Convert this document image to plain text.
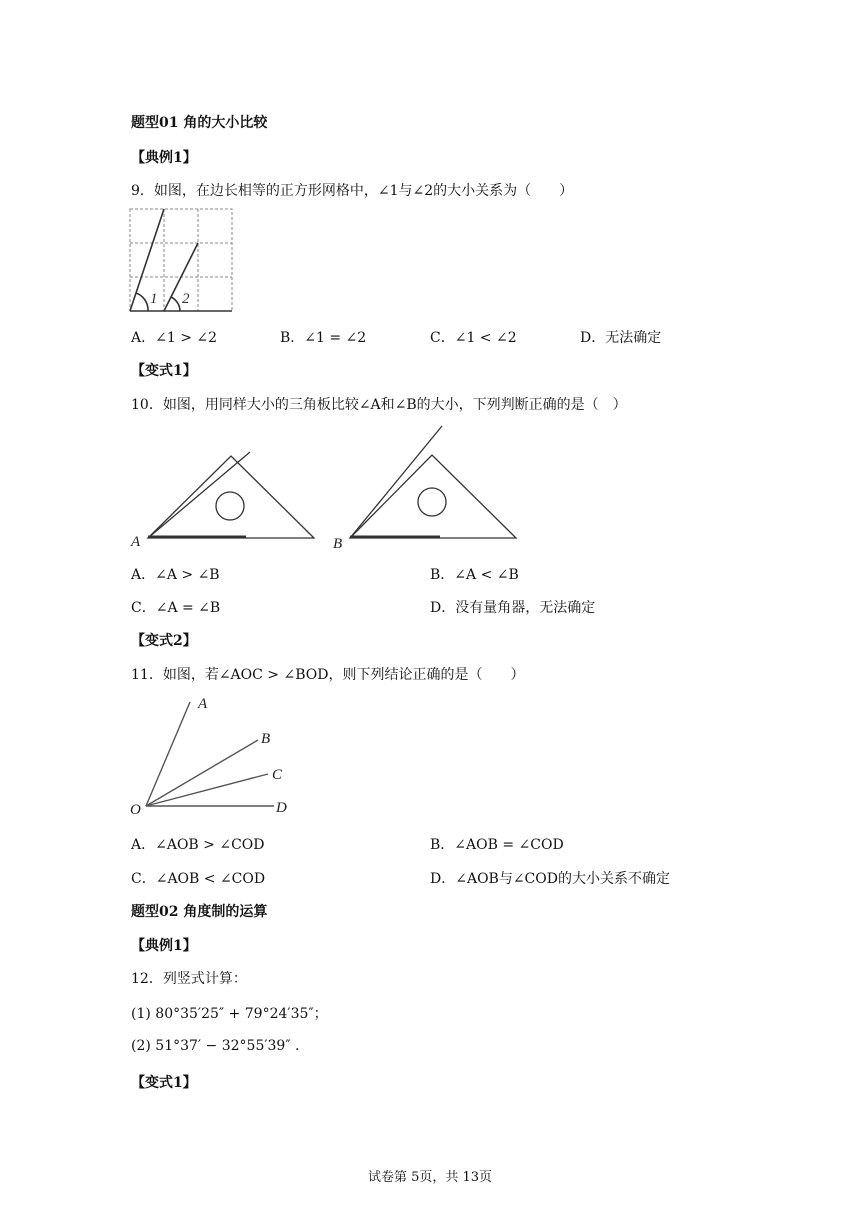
题型01 角的大小比较
【典例1】
9．如图，在边长相等的正方形网格中，∠1与∠2的大小关系为（　　）
1 2
A．∠1 > ∠2	B．∠1 = ∠2	C．∠1 < ∠2	D．无法确定
【变式1】
10．如图，用同样大小的三角板比较∠A和∠B的大小，下列判断正确的是（　）
A	B
A．∠A > ∠B	B．∠A < ∠B
C．∠A = ∠B	D．没有量角器，无法确定
【变式2】
11．如图，若∠AOC > ∠BOD，则下列结论正确的是（　　）
A
B
C
D
O
A．∠AOB > ∠COD	B．∠AOB = ∠COD
C．∠AOB < ∠COD	D．∠AOB与∠COD的大小关系不确定
题型02 角度制的运算
【典例1】
12．列竖式计算：
(1) 80°35′25″ + 79°24′35″；
(2) 51°37′ − 32°55′39″ .
【变式1】
试卷第 5页，共 13页
